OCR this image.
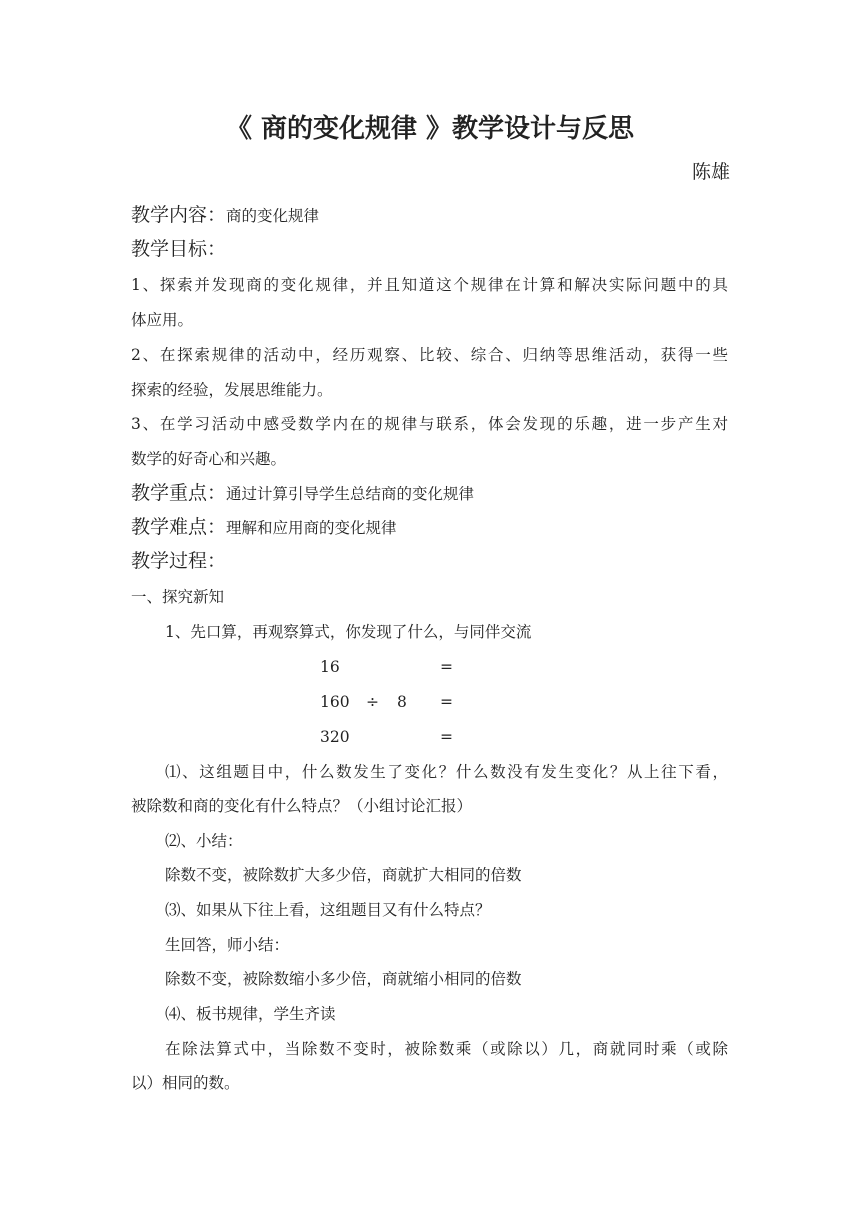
《 商的变化规律 》教学设计与反思
陈雄
教学内容：商的变化规律
教学目标：
1、探索并发现商的变化规律，并且知道这个规律在计算和解决实际问题中的具
体应用。
2、在探索规律的活动中，经历观察、比较、综合、归纳等思维活动，获得一些
探索的经验，发展思维能力。
3、在学习活动中感受数学内在的规律与联系，体会发现的乐趣，进一步产生对
数学的好奇心和兴趣。
教学重点：通过计算引导学生总结商的变化规律
教学难点：理解和应用商的变化规律
教学过程：
一、探究新知
1、先口算，再观察算式，你发现了什么，与同伴交流
16	=
160 ÷ 8 =
320	=
⑴、这组题目中，什么数发生了变化？什么数没有发生变化？从上往下看，
被除数和商的变化有什么特点？（小组讨论汇报）
⑵、小结：
除数不变，被除数扩大多少倍，商就扩大相同的倍数
⑶、如果从下往上看，这组题目又有什么特点？
生回答，师小结：
除数不变，被除数缩小多少倍，商就缩小相同的倍数
⑷、板书规律，学生齐读
在除法算式中，当除数不变时，被除数乘（或除以）几，商就同时乘（或除
以）相同的数。
